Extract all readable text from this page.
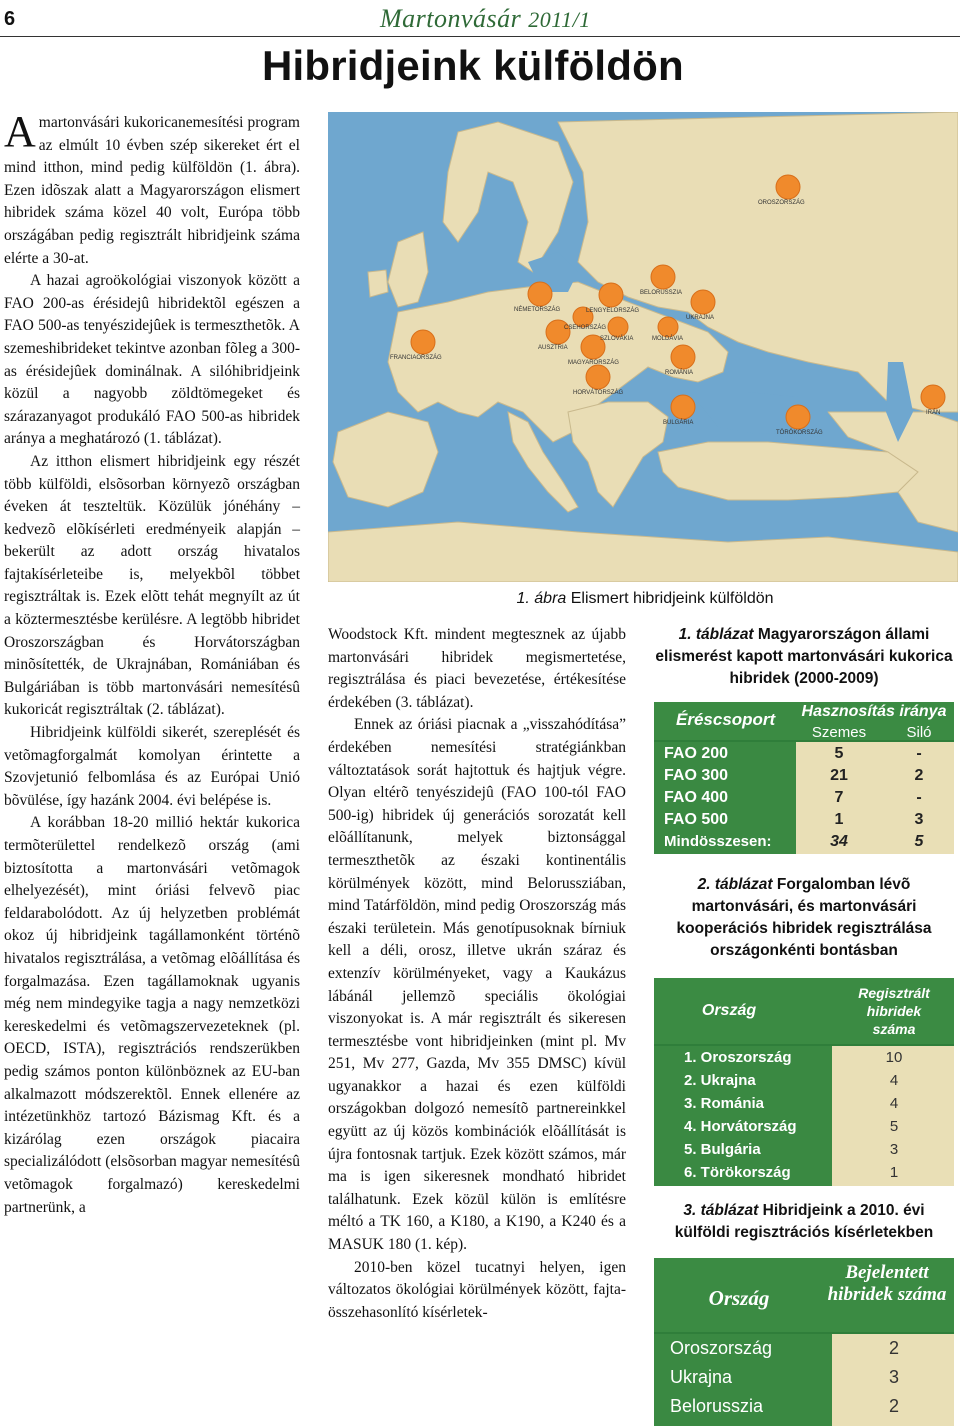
6	Martonvásár 2011/1
Hibridjeink külföldön

Amartonvásári kukoricanemesítési program az elmúlt 10 évben szép sikereket ért el mind itthon, mind pedig külföldön (1. ábra). Ezen idõszak alatt a Magyarországon elismert hibridek száma közel 40 volt, Európa több országában pedig regisztrált hibridjeink száma elérte a 30-at.

A hazai agroökológiai viszonyok között a FAO 200-as érésidejû hibridektõl egészen a FAO 500-as tenyészidejûek is termeszthetõk. A szemeshibrideket tekintve azonban fõleg a 300-as érésidejûek dominálnak. A silóhibridjeink közül a nagyobb zöldtömegeket és szárazanyagot produkáló FAO 500-as hibridek aránya a meghatározó (1. táblázat).

Az itthon elismert hibridjeink egy részét több külföldi, elsõsorban környezõ országban éveken át teszteltük. Közülük jónéhány – kedvezõ elõkísérleti eredményeik alapján – bekerült az adott ország hivatalos fajtakísérleteibe is, melyekbõl többet regisztráltak is. Ezek elõtt tehát megnyílt az út a köztermesztésbe kerülésre. A legtöbb hibridet Oroszországban és Horvátországban minõsítették, de Ukrajnában, Romániában és Bulgáriában is több martonvásári nemesítésû kukoricát regisztráltak (2. táblázat).

Hibridjeink külföldi sikerét, szereplését és vetõmagforgalmát komolyan érintette a Szovjetunió felbomlása és az Európai Unió bõvülése, így hazánk 2004. évi belépése is.

A korábban 18-20 millió hektár kukorica termõterülettel rendelkezõ ország (ami biztosította a martonvásári vetõmagok elhelyezését), mint óriási felvevõ piac feldarabolódott. Az új helyzetben problémát okoz új hibridjeink tagállamonként történõ hivatalos regisztrálása, a vetõmag elõállítása és forgalmazása. Ezen tagállamoknak ugyanis még nem mindegyike tagja a nagy nemzetközi kereskedelmi és vetõmagszervezeteknek (pl. OECD, ISTA), regisztrációs rendszerükben pedig számos ponton különböznek az EU-ban alkalmazott módszerektõl. Ennek ellenére az intézetünkhöz tartozó Bázismag Kft. és a kizárólag ezen országok piacaira specializálódott (elsõsorban magyar nemesítésû vetõmagok forgalmazó) kereskedelmi partnerünk, a

OROSZORSZÁG
BELORUSSZIA
NÉMETORSZÁG	LENGYELORSZÁG
UKRAJNA
FRANCIAORSZÁG
AUSZTRIA
MAGYARORSZÁG
ROMÁNIA
HORVÁTORSZÁG
BULGÁRIA
TÖRÖKORSZÁG
IRÁN
CSEHORSZÁG
SZLOVÁKIA	MOLDÁVIA
1. ábra Elismert hibridjeink külföldön

Woodstock Kft. mindent megtesznek az újabb martonvásári hibridek megismertetése, regisztrálása és piaci bevezetése, értékesítése érdekében (3. táblázat).

Ennek az óriási piacnak a „visszahódítása” érdekében nemesítési stratégiánkban változtatások sorát hajtottuk és hajtjuk végre. Olyan eltérõ tenyészidejû (FAO 100-tól FAO 500-ig) hibridek új generációs sorozatát kell elõállítanunk, melyek biztonsággal termeszthetõk az északi kontinentális körülmények között, mind Belorussziában, mind Tatárföldön, mind pedig Oroszország más északi területein. Más genotípusoknak bírniuk kell a déli, orosz, illetve ukrán száraz és extenzív körülményeket, vagy a Kaukázus lábánál jellemzõ speciális ökológiai viszonyokat is. A már regisztrált és sikeresen termesztésbe vont hibridjeinken (mint pl. Mv 251, Mv 277, Gazda, Mv 355 DMSC) kívül ugyanakkor a hazai és ezen külföldi országokban dolgozó nemesítõ partnereinkkel együtt az új közös kombinációk elõállítását is újra fontosnak tartjuk. Ezek között számos, már ma is igen sikeresnek mondható hibridet találhatunk. Ezek közül külön is említésre méltó a TK 160, a K180, a K190, a K240 és a MASUK 180 (1. kép).

2010-ben közel tucatnyi helyen, igen változatos ökológiai körülmények között, fajta-összehasonlító kísérletek-

1. táblázat Magyarországon állami elismerést kapott martonvásári kukorica hibridek (2000-2009)
Éréscsoport	Hasznosítás iránya
Szemes	Siló
FAO 200	5	-
FAO 300	21	2
FAO 400	7	-
FAO 500	1	3
Mindösszesen:	34	5
2. táblázat Forgalomban lévõ martonvásári, és martonvásári kooperációs hibridek regisztrálása országonkénti bontásban
Ország
Regisztrált hibridek száma
1. Oroszország	10
2. Ukrajna	4
3. Románia	4
4. Horvátország	5
5. Bulgária	3
6. Törökország	1
3. táblázat Hibridjeink a 2010. évi külföldi regisztrációs kísérletekben
Ország
Bejelentett hibridek száma
Oroszország	2
Ukrajna	3
Belorusszia	2
